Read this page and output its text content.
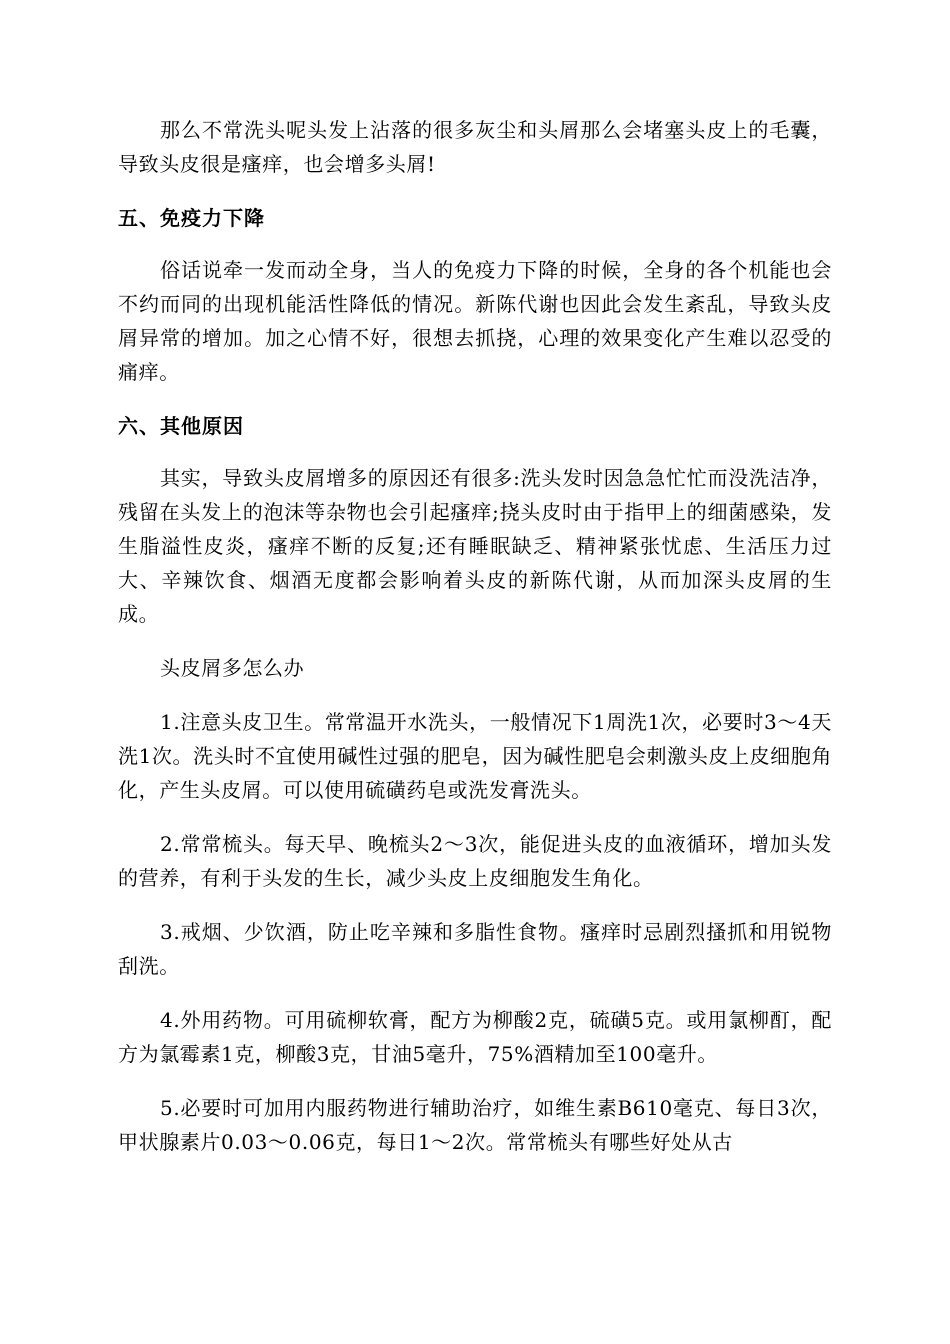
那么不常洗头呢头发上沾落的很多灰尘和头屑那么会堵塞头皮上的毛囊，导致头皮很是瘙痒，也会增多头屑!

五、免疫力下降

俗话说牵一发而动全身，当人的免疫力下降的时候，全身的各个机能也会不约而同的出现机能活性降低的情况。新陈代谢也因此会发生紊乱，导致头皮屑异常的增加。加之心情不好，很想去抓挠，心理的效果变化产生难以忍受的痛痒。

六、其他原因

其实，导致头皮屑增多的原因还有很多:洗头发时因急急忙忙而没洗洁净，残留在头发上的泡沫等杂物也会引起瘙痒;挠头皮时由于指甲上的细菌感染，发生脂溢性皮炎，瘙痒不断的反复;还有睡眠缺乏、精神紧张忧虑、生活压力过大、辛辣饮食、烟酒无度都会影响着头皮的新陈代谢，从而加深头皮屑的生成。

头皮屑多怎么办

1.注意头皮卫生。常常温开水洗头，一般情况下1周洗1次，必要时3～4天洗1次。洗头时不宜使用碱性过强的肥皂，因为碱性肥皂会刺激头皮上皮细胞角化，产生头皮屑。可以使用硫磺药皂或洗发膏洗头。

2.常常梳头。每天早、晚梳头2～3次，能促进头皮的血液循环，增加头发的营养，有利于头发的生长，减少头皮上皮细胞发生角化。

3.戒烟、少饮酒，防止吃辛辣和多脂性食物。瘙痒时忌剧烈搔抓和用锐物刮洗。

4.外用药物。可用硫柳软膏，配方为柳酸2克，硫磺5克。或用氯柳酊，配方为氯霉素1克，柳酸3克，甘油5毫升，75%酒精加至100毫升。

5.必要时可加用内服药物进行辅助治疗，如维生素B610毫克、每日3次，甲状腺素片0.03～0.06克，每日1～2次。常常梳头有哪些好处从古
